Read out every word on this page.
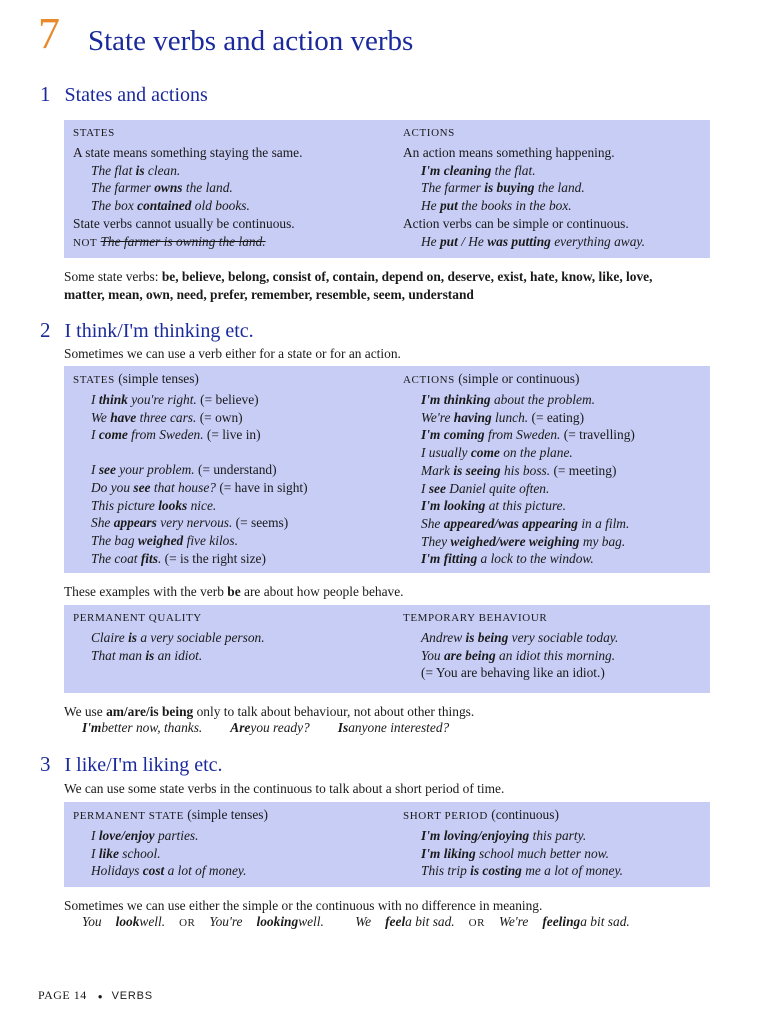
7 State verbs and action verbs
1 States and actions
STATES
A state means something staying the same.
The flat is clean.
The farmer owns the land.
The box contained old books.
State verbs cannot usually be continuous.
NOT The farmer is owning the land.
ACTIONS
An action means something happening.
I'm cleaning the flat.
The farmer is buying the land.
He put the books in the box.
Action verbs can be simple or continuous.
He put / He was putting everything away.
Some state verbs: be, believe, belong, consist of, contain, depend on, deserve, exist, hate, know, like, love,
matter, mean, own, need, prefer, remember, resemble, seem, understand
2 I think/I'm thinking etc.
Sometimes we can use a verb either for a state or for an action.
STATES (simple tenses)
I think you're right. (= believe)
We have three cars. (= own)
I come from Sweden. (= live in)
I see your problem. (= understand)
Do you see that house? (= have in sight)
This picture looks nice.
She appears very nervous. (= seems)
The bag weighed five kilos.
The coat fits. (= is the right size)
ACTIONS (simple or continuous)
I'm thinking about the problem.
We're having lunch. (= eating)
I'm coming from Sweden. (= travelling)
I usually come on the plane.
Mark is seeing his boss. (= meeting)
I see Daniel quite often.
I'm looking at this picture.
She appeared/was appearing in a film.
They weighed/were weighing my bag.
I'm fitting a lock to the window.
These examples with the verb be are about how people behave.
PERMANENT QUALITY
Claire is a very sociable person.
That man is an idiot.
TEMPORARY BEHAVIOUR
Andrew is being very sociable today.
You are being an idiot this morning.
(= You are behaving like an idiot.)
We use am/are/is being only to talk about behaviour, not about other things.
I'mbetter now, thanks. Areyou ready? Isanyone interested?
3 I like/I'm liking etc.
We can use some state verbs in the continuous to talk about a short period of time.
PERMANENT STATE (simple tenses)
I love/enjoy parties.
I like school.
Holidays cost a lot of money.
SHORT PERIOD (continuous)
I'm loving/enjoying this party.
I'm liking school much better now.
This trip is costing me a lot of money.
Sometimes we can use either the simple or the continuous with no difference in meaning.
Youlookwell.ORYou'relookingwell. Wefeela bit sad.ORWe'refeelinga bit sad.
PAGE 14 ● VERBS
